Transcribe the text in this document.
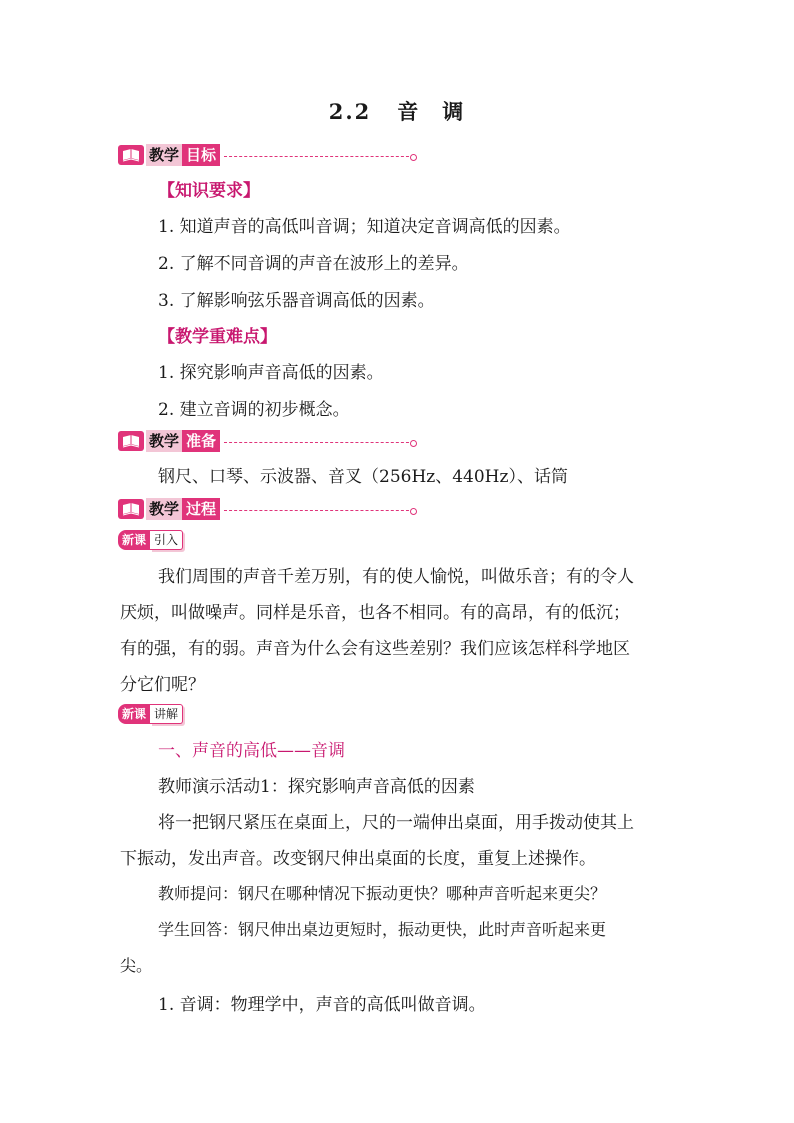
2.2 音 调
教学 目标
【知识要求】
1. 知道声音的高低叫音调；知道决定音调高低的因素。
2. 了解不同音调的声音在波形上的差异。
3. 了解影响弦乐器音调高低的因素。
【教学重难点】
1. 探究影响声音高低的因素。
2. 建立音调的初步概念。
教学 准备
钢尺、口琴、示波器、音叉（256Hz、440Hz）、话筒
教学 过程
新课 引入
我们周围的声音千差万别，有的使人愉悦，叫做乐音；有的令人
厌烦，叫做噪声。同样是乐音，也各不相同。有的高昂，有的低沉；
有的强，有的弱。声音为什么会有这些差别？我们应该怎样科学地区
分它们呢？
新课 讲解
一、声音的高低——音调
教师演示活动1：探究影响声音高低的因素
将一把钢尺紧压在桌面上，尺的一端伸出桌面，用手拨动使其上
下振动，发出声音。改变钢尺伸出桌面的长度，重复上述操作。
教师提问：钢尺在哪种情况下振动更快？哪种声音听起来更尖？
学生回答：钢尺伸出桌边更短时，振动更快，此时声音听起来更
尖。
1. 音调：物理学中，声音的高低叫做音调。
